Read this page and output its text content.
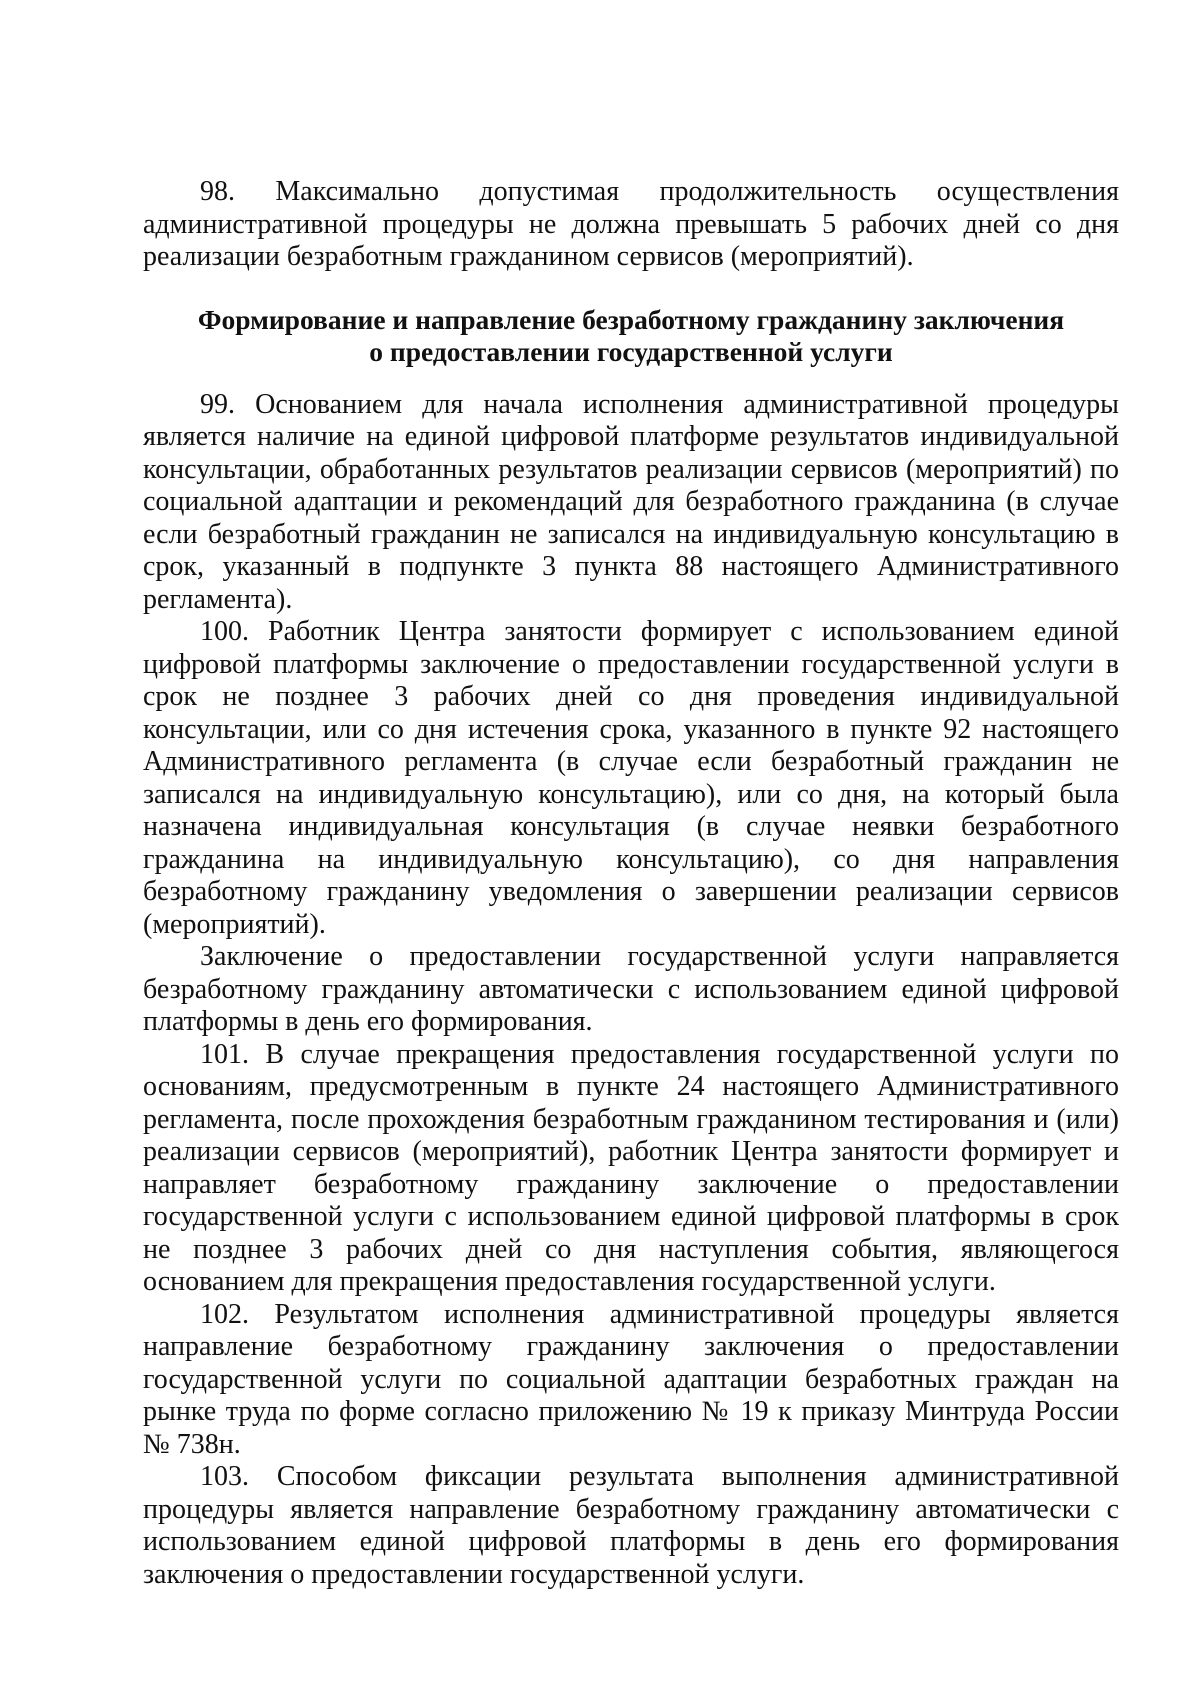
98. Максимально допустимая продолжительность осуществления административной процедуры не должна превышать 5 рабочих дней со дня реализации безработным гражданином сервисов (мероприятий).

Формирование и направление безработному гражданину заключения
о предоставлении государственной услуги

99. Основанием для начала исполнения административной процедуры является наличие на единой цифровой платформе результатов индивидуальной консультации, обработанных результатов реализации сервисов (мероприятий) по социальной адаптации и рекомендаций для безработного гражданина (в случае если безработный гражданин не записался на индивидуальную консультацию в срок, указанный в подпункте 3 пункта 88 настоящего Административного регламента).

100. Работник Центра занятости формирует с использованием единой цифровой платформы заключение о предоставлении государственной услуги в срок не позднее 3 рабочих дней со дня проведения индивидуальной консультации, или со дня истечения срока, указанного в пункте 92 настоящего Административного регламента (в случае если безработный гражданин не записался на индивидуальную консультацию), или со дня, на который была назначена индивидуальная консультация (в случае неявки безработного гражданина на индивидуальную консультацию), со дня направления безработному гражданину уведомления о завершении реализации сервисов (мероприятий).

Заключение о предоставлении государственной услуги направляется безработному гражданину автоматически с использованием единой цифровой платформы в день его формирования.

101. В случае прекращения предоставления государственной услуги по основаниям, предусмотренным в пункте 24 настоящего Административного регламента, после прохождения безработным гражданином тестирования и (или) реализации сервисов (мероприятий), работник Центра занятости формирует и направляет безработному гражданину заключение о предоставлении государственной услуги с использованием единой цифровой платформы в срок не позднее 3 рабочих дней со дня наступления события, являющегося основанием для прекращения предоставления государственной услуги.

102. Результатом исполнения административной процедуры является направление безработному гражданину заключения о предоставлении государственной услуги по социальной адаптации безработных граждан на рынке труда по форме согласно приложению № 19 к приказу Минтруда России № 738н.

103. Способом фиксации результата выполнения административной процедуры является направление безработному гражданину автоматически с использованием единой цифровой платформы в день его формирования заключения о предоставлении государственной услуги.
